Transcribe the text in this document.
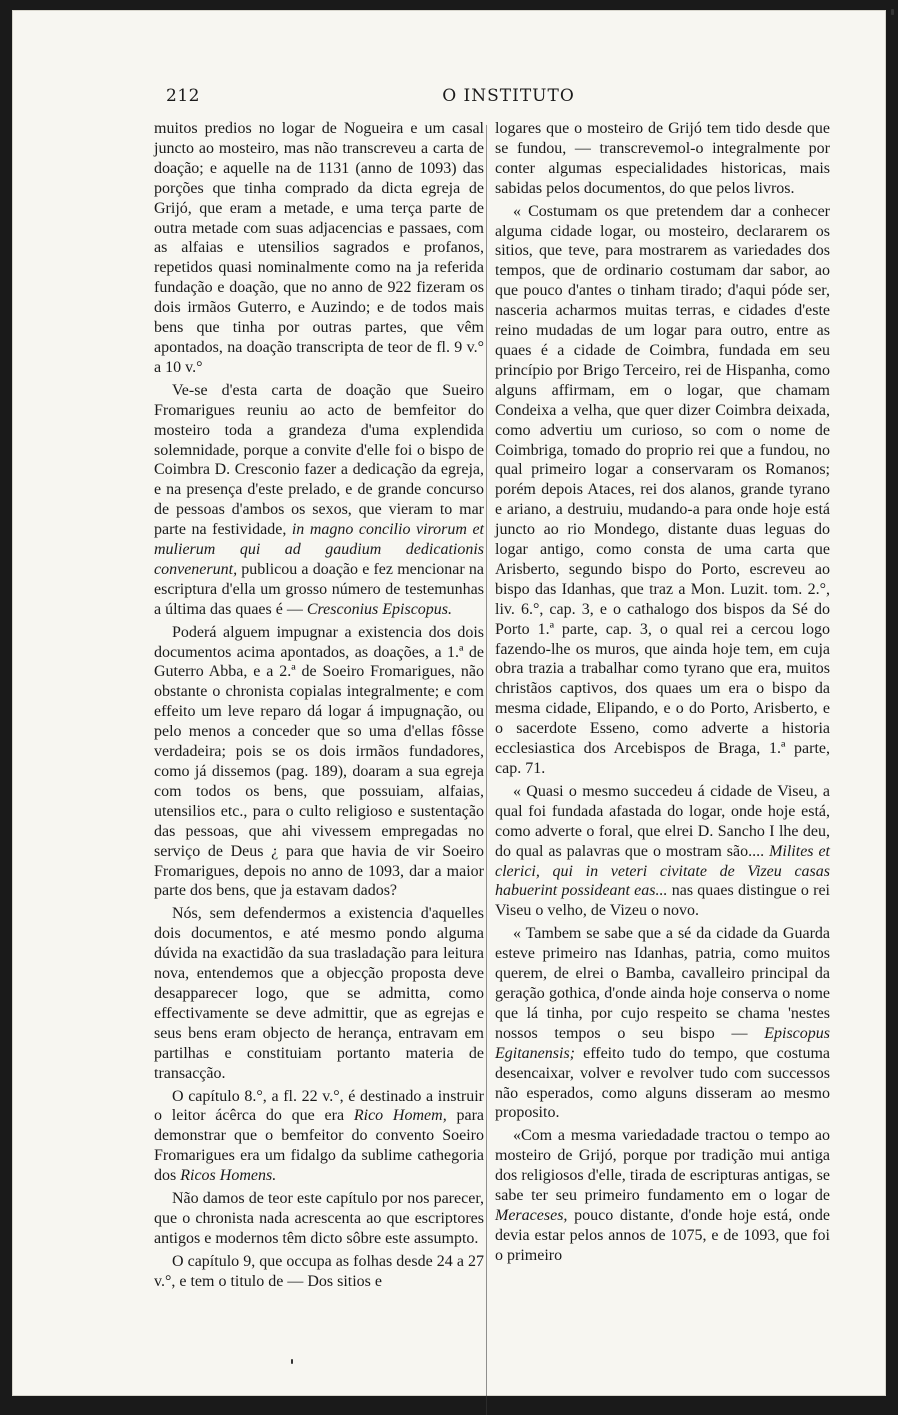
212	O INSTITUTO

muitos predios no logar de Nogueira e um casal juncto ao mosteiro, mas não transcreveu a carta de doação; e aquelle na de 1131 (anno de 1093) das porções que tinha comprado da dicta egreja de Grijó, que eram a metade, e uma terça parte de outra metade com suas adjacencias e passaes, com as alfaias e utensilios sagrados e profanos, repetidos quasi nominalmente como na ja referida fundação e doação, que no anno de 922 fizeram os dois irmãos Guterro, e Auzindo; e de todos mais bens que tinha por outras partes, que vêm apontados, na doação transcripta de teor de fl. 9 v.° a 10 v.°

Ve-se d'esta carta de doação que Sueiro Fromarigues reuniu ao acto de bemfeitor do mosteiro toda a grandeza d'uma explendida solemnidade, porque a convite d'elle foi o bispo de Coimbra D. Cresconio fazer a dedicação da egreja, e na presença d'este prelado, e de grande concurso de pessoas d'ambos os sexos, que vieram to mar parte na festividade, in magno concilio virorum et mulierum qui ad gaudium dedicationis convenerunt, publicou a doação e fez mencionar na escriptura d'ella um grosso número de testemunhas a última das quaes é — Cresconius Episcopus.

Poderá alguem impugnar a existencia dos dois documentos acima apontados, as doações, a 1.ª de Guterro Abba, e a 2.ª de Soeiro Fromarigues, não obstante o chronista copialas integralmente; e com effeito um leve reparo dá logar á impugnação, ou pelo menos a conceder que so uma d'ellas fôsse verdadeira; pois se os dois irmãos fundadores, como já dissemos (pag. 189), doaram a sua egreja com todos os bens, que possuiam, alfaias, utensilios etc., para o culto religioso e sustentação das pessoas, que ahi vivessem empregadas no serviço de Deus ¿ para que havia de vir Soeiro Fromarigues, depois no anno de 1093, dar a maior parte dos bens, que ja estavam dados?

Nós, sem defendermos a existencia d'aquelles dois documentos, e até mesmo pondo alguma dúvida na exactidão da sua trasladação para leitura nova, entendemos que a objecção proposta deve desapparecer logo, que se admitta, como effectivamente se deve admittir, que as egrejas e seus bens eram objecto de herança, entravam em partilhas e constituiam portanto materia de transacção.

O capítulo 8.°, a fl. 22 v.°, é destinado a instruir o leitor ácêrca do que era Rico Homem, para demonstrar que o bemfeitor do convento Soeiro Fromarigues era um fidalgo da sublime cathegoria dos Ricos Homens.

Não damos de teor este capítulo por nos parecer, que o chronista nada acrescenta ao que escriptores antigos e modernos têm dicto sôbre este assumpto.

O capítulo 9, que occupa as folhas desde 24 a 27 v.°, e tem o titulo de — Dos sitios e

logares que o mosteiro de Grijó tem tido desde que se fundou, — transcrevemol-o integralmente por conter algumas especialidades historicas, mais sabidas pelos documentos, do que pelos livros.

« Costumam os que pretendem dar a conhecer alguma cidade logar, ou mosteiro, declararem os sitios, que teve, para mostrarem as variedades dos tempos, que de ordinario costumam dar sabor, ao que pouco d'antes o tinham tirado; d'aqui póde ser, nasceria acharmos muitas terras, e cidades d'este reino mudadas de um logar para outro, entre as quaes é a cidade de Coimbra, fundada em seu princípio por Brigo Terceiro, rei de Hispanha, como alguns affirmam, em o logar, que chamam Condeixa a velha, que quer dizer Coimbra deixada, como advertiu um curioso, so com o nome de Coimbriga, tomado do proprio rei que a fundou, no qual primeiro logar a conservaram os Romanos; porém depois Ataces, rei dos alanos, grande tyrano e ariano, a destruiu, mudando-a para onde hoje está juncto ao rio Mondego, distante duas leguas do logar antigo, como consta de uma carta que Arisberto, segundo bispo do Porto, escreveu ao bispo das Idanhas, que traz a Mon. Luzit. tom. 2.°, liv. 6.°, cap. 3, e o cathalogo dos bispos da Sé do Porto 1.ª parte, cap. 3, o qual rei a cercou logo fazendo-lhe os muros, que ainda hoje tem, em cuja obra trazia a trabalhar como tyrano que era, muitos christãos captivos, dos quaes um era o bispo da mesma cidade, Elipando, e o do Porto, Arisberto, e o sacerdote Esseno, como adverte a historia ecclesiastica dos Arcebispos de Braga, 1.ª parte, cap. 71.

« Quasi o mesmo succedeu á cidade de Viseu, a qual foi fundada afastada do logar, onde hoje está, como adverte o foral, que elrei D. Sancho I lhe deu, do qual as palavras que o mostram são.... Milites et clerici, qui in veteri civitate de Vizeu casas habuerint possideant eas... nas quaes distingue o rei Viseu o velho, de Vizeu o novo.

« Tambem se sabe que a sé da cidade da Guarda esteve primeiro nas Idanhas, patria, como muitos querem, de elrei o Bamba, cavalleiro principal da geração gothica, d'onde ainda hoje conserva o nome que lá tinha, por cujo respeito se chama 'nestes nossos tempos o seu bispo — Episcopus Egitanensis; effeito tudo do tempo, que costuma desencaixar, volver e revolver tudo com successos não esperados, como alguns disseram ao mesmo proposito.

«Com a mesma variedadade tractou o tempo ao mosteiro de Grijó, porque por tradição mui antiga dos religiosos d'elle, tirada de escripturas antigas, se sabe ter seu primeiro fundamento em o logar de Meraceses, pouco distante, d'onde hoje está, onde devia estar pelos annos de 1075, e de 1093, que foi o primeiro
